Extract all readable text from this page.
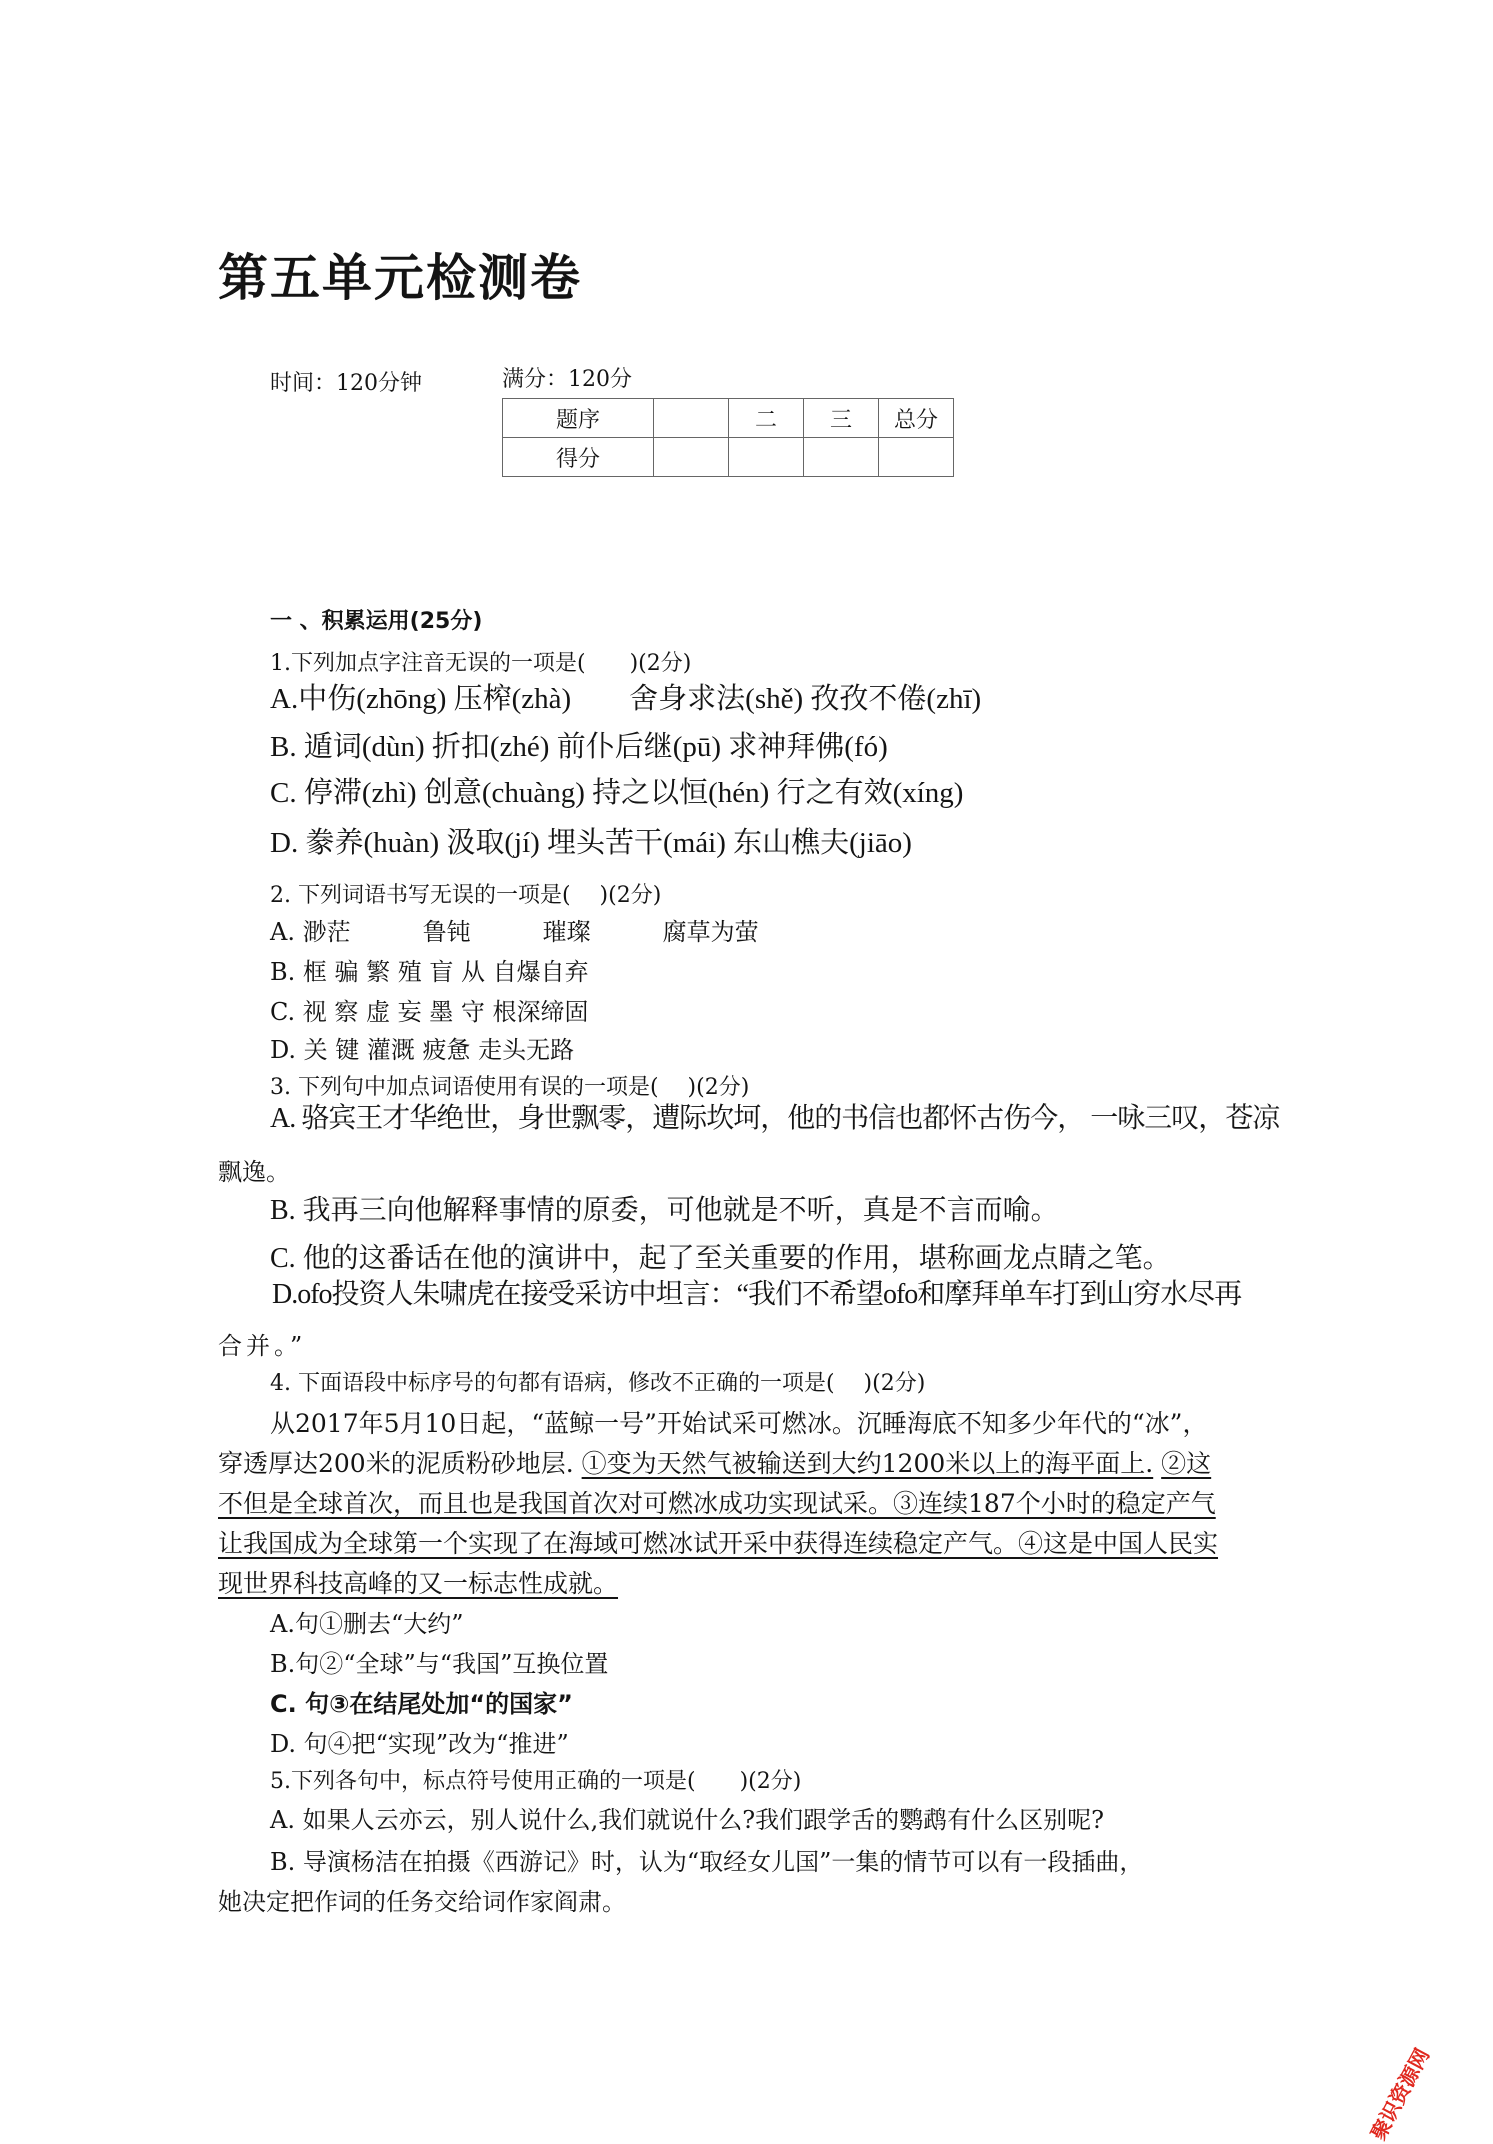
第五单元检测卷
时间：120分钟	满分：120分
题序		二	三	总分
得分				
一 、积累运用(25分)
1.下列加点字注音无误的一项是(　　)(2分)
A.中伤(zhōng) 压榨(zhà)　　舍身求法(shě) 孜孜不倦(zhī)
B. 遁词(dùn) 折扣(zhé) 前仆后继(pū) 求神拜佛(fó)
C. 停滞(zhì) 创意(chuàng) 持之以恒(hén) 行之有效(xíng)
D. 豢养(huàn) 汲取(jí) 埋头苦干(mái) 东山樵夫(jiāo)
2. 下列词语书写无误的一项是(　 )(2分)
A. 渺茫　　　鲁钝　　　璀璨　　　腐草为萤
B. 框 骗 繁 殖 盲 从 自爆自弃
C. 视 察 虚 妄 墨 守 根深缔固
D. 关 键 灌溉 疲惫 走头无路
3. 下列句中加点词语使用有误的一项是(　 )(2分)
A. 骆宾王才华绝世，身世飘零，遭际坎坷，他的书信也都怀古伤今， 一咏三叹，苍凉
飘逸。
B. 我再三向他解释事情的原委，可他就是不听，真是不言而喻。
C. 他的这番话在他的演讲中，起了至关重要的作用，堪称画龙点睛之笔。
D.ofo投资人朱啸虎在接受采访中坦言：“我们不希望ofo和摩拜单车打到山穷水尽再
合并。”
4. 下面语段中标序号的句都有语病，修改不正确的一项是(　 )(2分)
从2017年5月10日起，“蓝鲸一号”开始试采可燃冰。沉睡海底不知多少年代的“冰”，
穿透厚达200米的泥质粉砂地层. ①变为天然气被输送到大约1200米以上的海平面上. ②这
不但是全球首次，而且也是我国首次对可燃冰成功实现试采。③连续187个小时的稳定产气
让我国成为全球第一个实现了在海域可燃冰试开采中获得连续稳定产气。④这是中国人民实
现世界科技高峰的又一标志性成就。
A.句①删去“大约”
B.句②“全球”与“我国”互换位置
C. 句③在结尾处加“的国家”
D. 句④把“实现”改为“推进”
5.下列各句中，标点符号使用正确的一项是(　　)(2分)
A. 如果人云亦云，别人说什么,我们就说什么?我们跟学舌的鹦鹉有什么区别呢?
B. 导演杨洁在拍摄《西游记》时，认为“取经女儿国”一集的情节可以有一段插曲，
她决定把作词的任务交给词作家阎肃。
聚识资源网
